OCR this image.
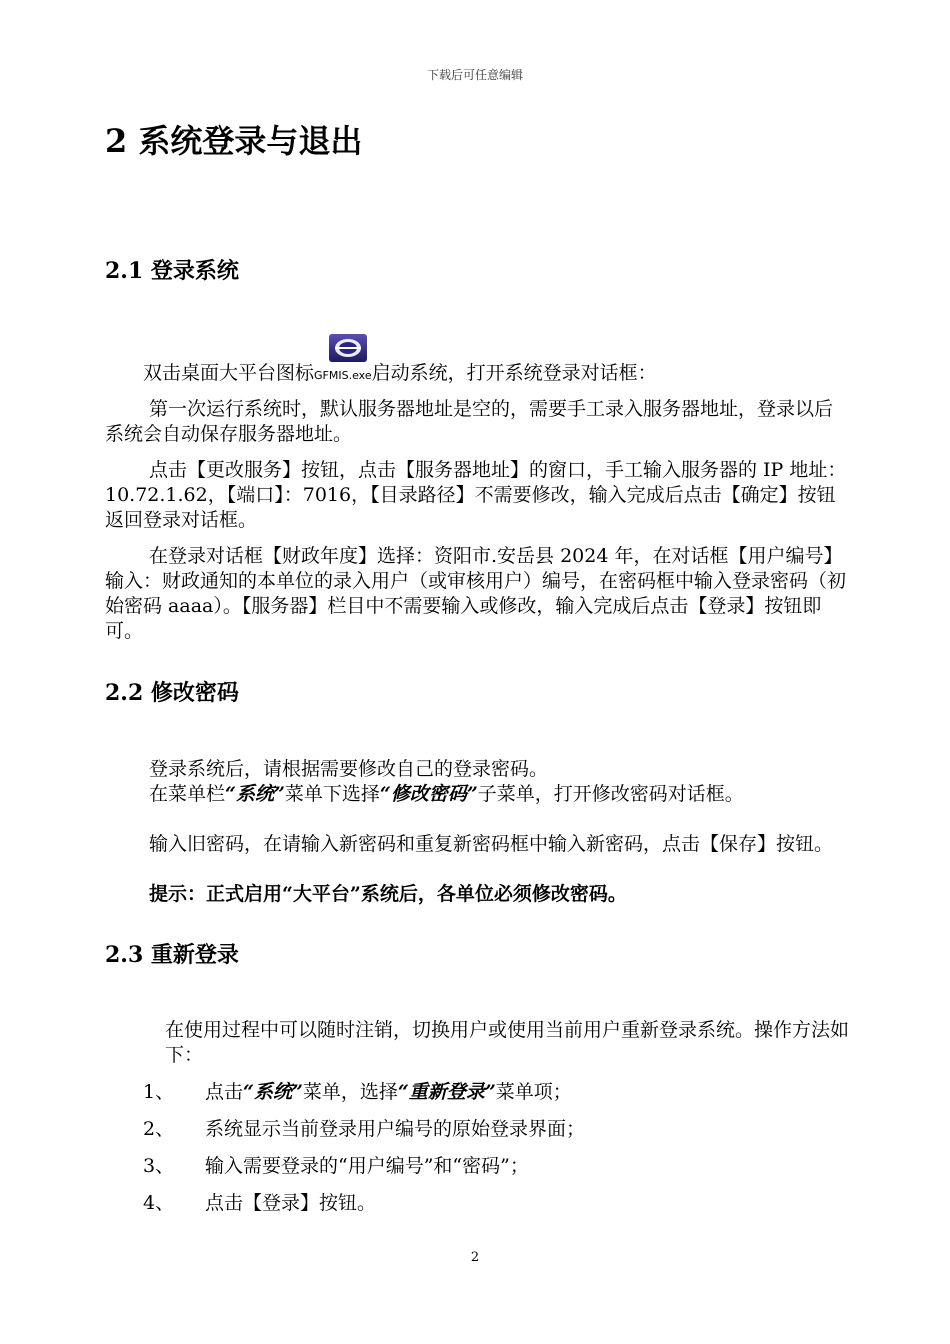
下载后可任意编辑
2 系统登录与退出
2.1 登录系统
双击桌面大平台图标GFMIS.exe启动系统，打开系统登录对话框：
第一次运行系统时，默认服务器地址是空的，需要手工录入服务器地址，登录以后系统会自动保存服务器地址。
点击【更改服务】按钮，点击【服务器地址】的窗口，手工输入服务器的 IP 地址：10.72.1.62，【端口】：7016，【目录路径】不需要修改，输入完成后点击【确定】按钮返回登录对话框。
在登录对话框【财政年度】选择：资阳市.安岳县 2024 年，在对话框【用户编号】输入：财政通知的本单位的录入用户（或审核用户）编号，在密码框中输入登录密码（初始密码 aaaa）。【服务器】栏目中不需要输入或修改，输入完成后点击【登录】按钮即可。
2.2 修改密码
登录系统后，请根据需要修改自己的登录密码。
在菜单栏“系统”菜单下选择“修改密码”子菜单，打开修改密码对话框。
输入旧密码，在请输入新密码和重复新密码框中输入新密码，点击【保存】按钮。
提示：正式启用“大平台”系统后，各单位必须修改密码。
2.3 重新登录
在使用过程中可以随时注销，切换用户或使用当前用户重新登录系统。操作方法如下：
1、 点击“系统”菜单，选择“重新登录”菜单项；
2、 系统显示当前登录用户编号的原始登录界面；
3、 输入需要登录的“用户编号”和“密码”；
4、 点击【登录】按钮。
2
